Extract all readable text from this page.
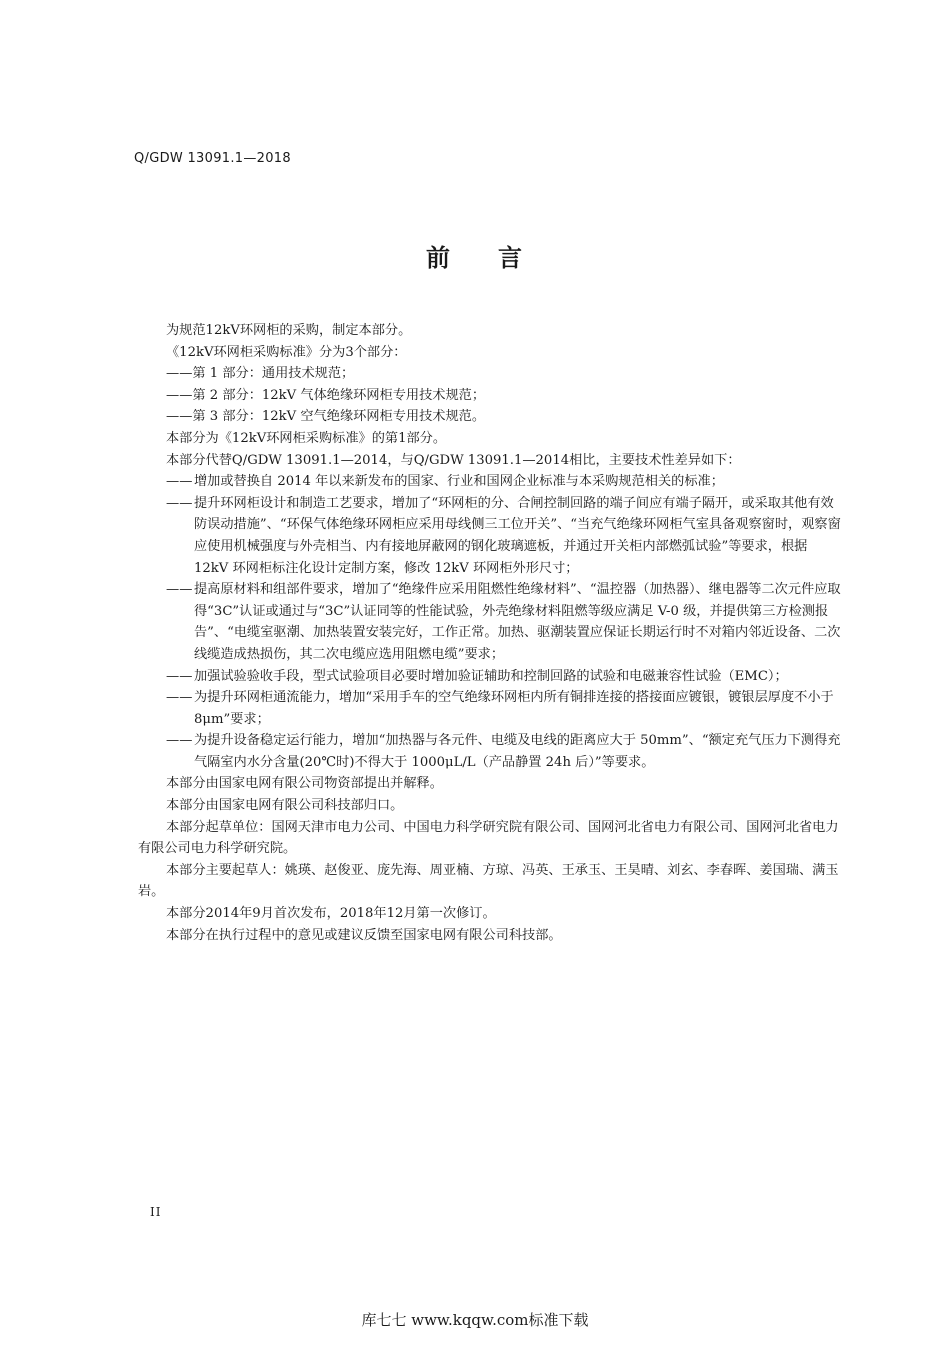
Q/GDW 13091.1—2018
前 言

为规范12kV环网柜的采购，制定本部分。

《12kV环网柜采购标准》分为3个部分：

——第 1 部分：通用技术规范；

——第 2 部分：12kV 气体绝缘环网柜专用技术规范；

——第 3 部分：12kV 空气绝缘环网柜专用技术规范。

本部分为《12kV环网柜采购标准》的第1部分。

本部分代替Q/GDW 13091.1—2014，与Q/GDW 13091.1—2014相比，主要技术性差异如下：

—— 增加或替换自 2014 年以来新发布的国家、行业和国网企业标准与本采购规范相关的标准；
—— 提升环网柜设计和制造工艺要求，增加了“环网柜的分、合闸控制回路的端子间应有端子隔开，或采取其他有效防误动措施”、“环保气体绝缘环网柜应采用母线侧三工位开关”、“当充气绝缘环网柜气室具备观察窗时，观察窗应使用机械强度与外壳相当、内有接地屏蔽网的钢化玻璃遮板，并通过开关柜内部燃弧试验”等要求，根据 12kV 环网柜标注化设计定制方案，修改 12kV 环网柜外形尺寸；
—— 提高原材料和组部件要求，增加了“绝缘件应采用阻燃性绝缘材料”、“温控器（加热器）、继电器等二次元件应取得“3C”认证或通过与“3C”认证同等的性能试验，外壳绝缘材料阻燃等级应满足 V-0 级，并提供第三方检测报告”、“电缆室驱潮、加热装置安装完好，工作正常。加热、驱潮装置应保证长期运行时不对箱内邻近设备、二次线缆造成热损伤，其二次电缆应选用阻燃电缆”要求；
—— 加强试验验收手段，型式试验项目必要时增加验证辅助和控制回路的试验和电磁兼容性试验（EMC）；
—— 为提升环网柜通流能力，增加“采用手车的空气绝缘环网柜内所有铜排连接的搭接面应镀银，镀银层厚度不小于 8μm”要求；
—— 为提升设备稳定运行能力，增加“加热器与各元件、电缆及电线的距离应大于 50mm”、“额定充气压力下测得充气隔室内水分含量(20℃时)不得大于 1000μL/L（产品静置 24h 后）”等要求。

本部分由国家电网有限公司物资部提出并解释。

本部分由国家电网有限公司科技部归口。

本部分起草单位：国网天津市电力公司、中国电力科学研究院有限公司、国网河北省电力有限公司、国网河北省电力有限公司电力科学研究院。

本部分主要起草人：姚瑛、赵俊亚、庞先海、周亚楠、方琼、冯英、王承玉、王昊晴、刘玄、李春晖、姜国瑞、满玉岩。

本部分2014年9月首次发布，2018年12月第一次修订。

本部分在执行过程中的意见或建议反馈至国家电网有限公司科技部。

II
库七七 www.kqqw.com标准下载
